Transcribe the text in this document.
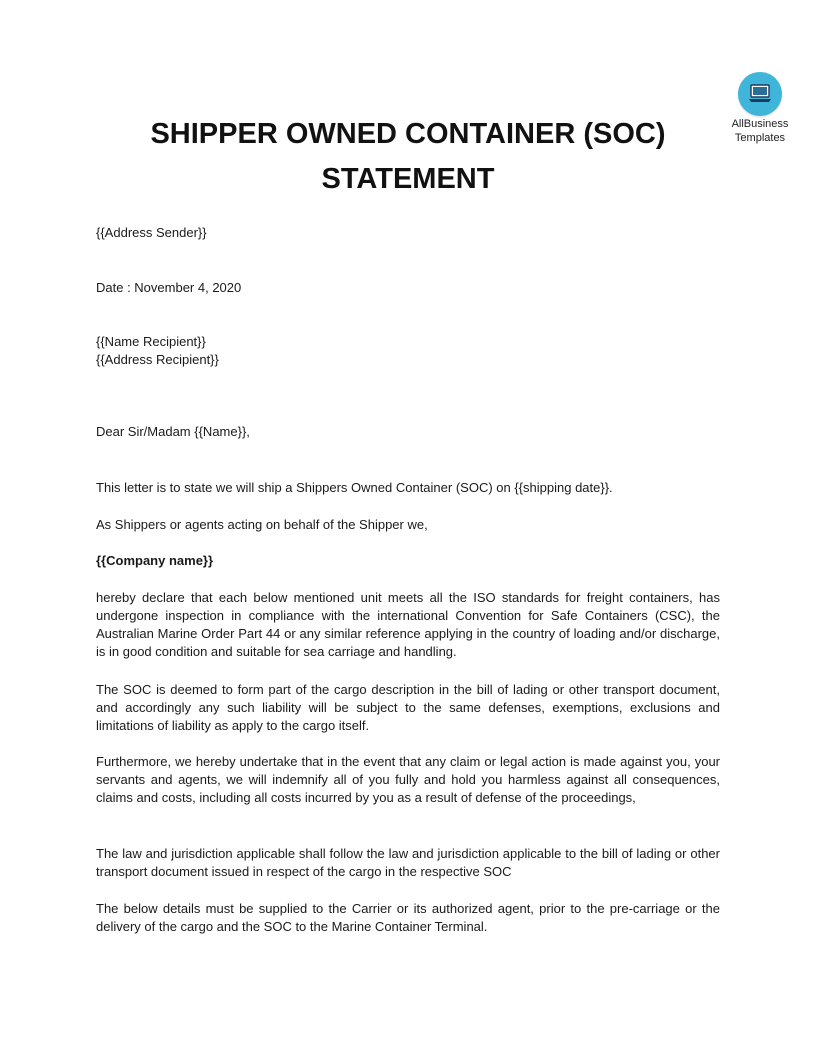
AllBusiness
Templates
SHIPPER OWNED CONTAINER (SOC)
STATEMENT

{{Address Sender}}

Date : November 4, 2020

{{Name Recipient}}

{{Address Recipient}}

Dear Sir/Madam {{Name}},

This letter is to state we will ship a Shippers Owned Container (SOC) on {{shipping date}}.

As Shippers or agents acting on behalf of the Shipper we,

{{Company name}}

hereby declare that each below mentioned unit meets all the ISO standards for freight containers, has undergone inspection in compliance with the international Convention for Safe Containers (CSC), the Australian Marine Order Part 44 or any similar reference applying in the country of loading and/or discharge, is in good condition and suitable for sea carriage and handling.

The SOC is deemed to form part of the cargo description in the bill of lading or other transport document, and accordingly any such liability will be subject to the same defenses, exemptions, exclusions and limitations of liability as apply to the cargo itself.

Furthermore, we hereby undertake that in the event that any claim or legal action is made against you, your servants and agents, we will indemnify all of you fully and hold you harmless against all consequences, claims and costs, including all costs incurred by you as a result of defense of the proceedings,

The law and jurisdiction applicable shall follow the law and jurisdiction applicable to the bill of lading or other transport document issued in respect of the cargo in the respective SOC

The below details must be supplied to the Carrier or its authorized agent, prior to the pre-carriage or the delivery of the cargo and the SOC to the Marine Container Terminal.
